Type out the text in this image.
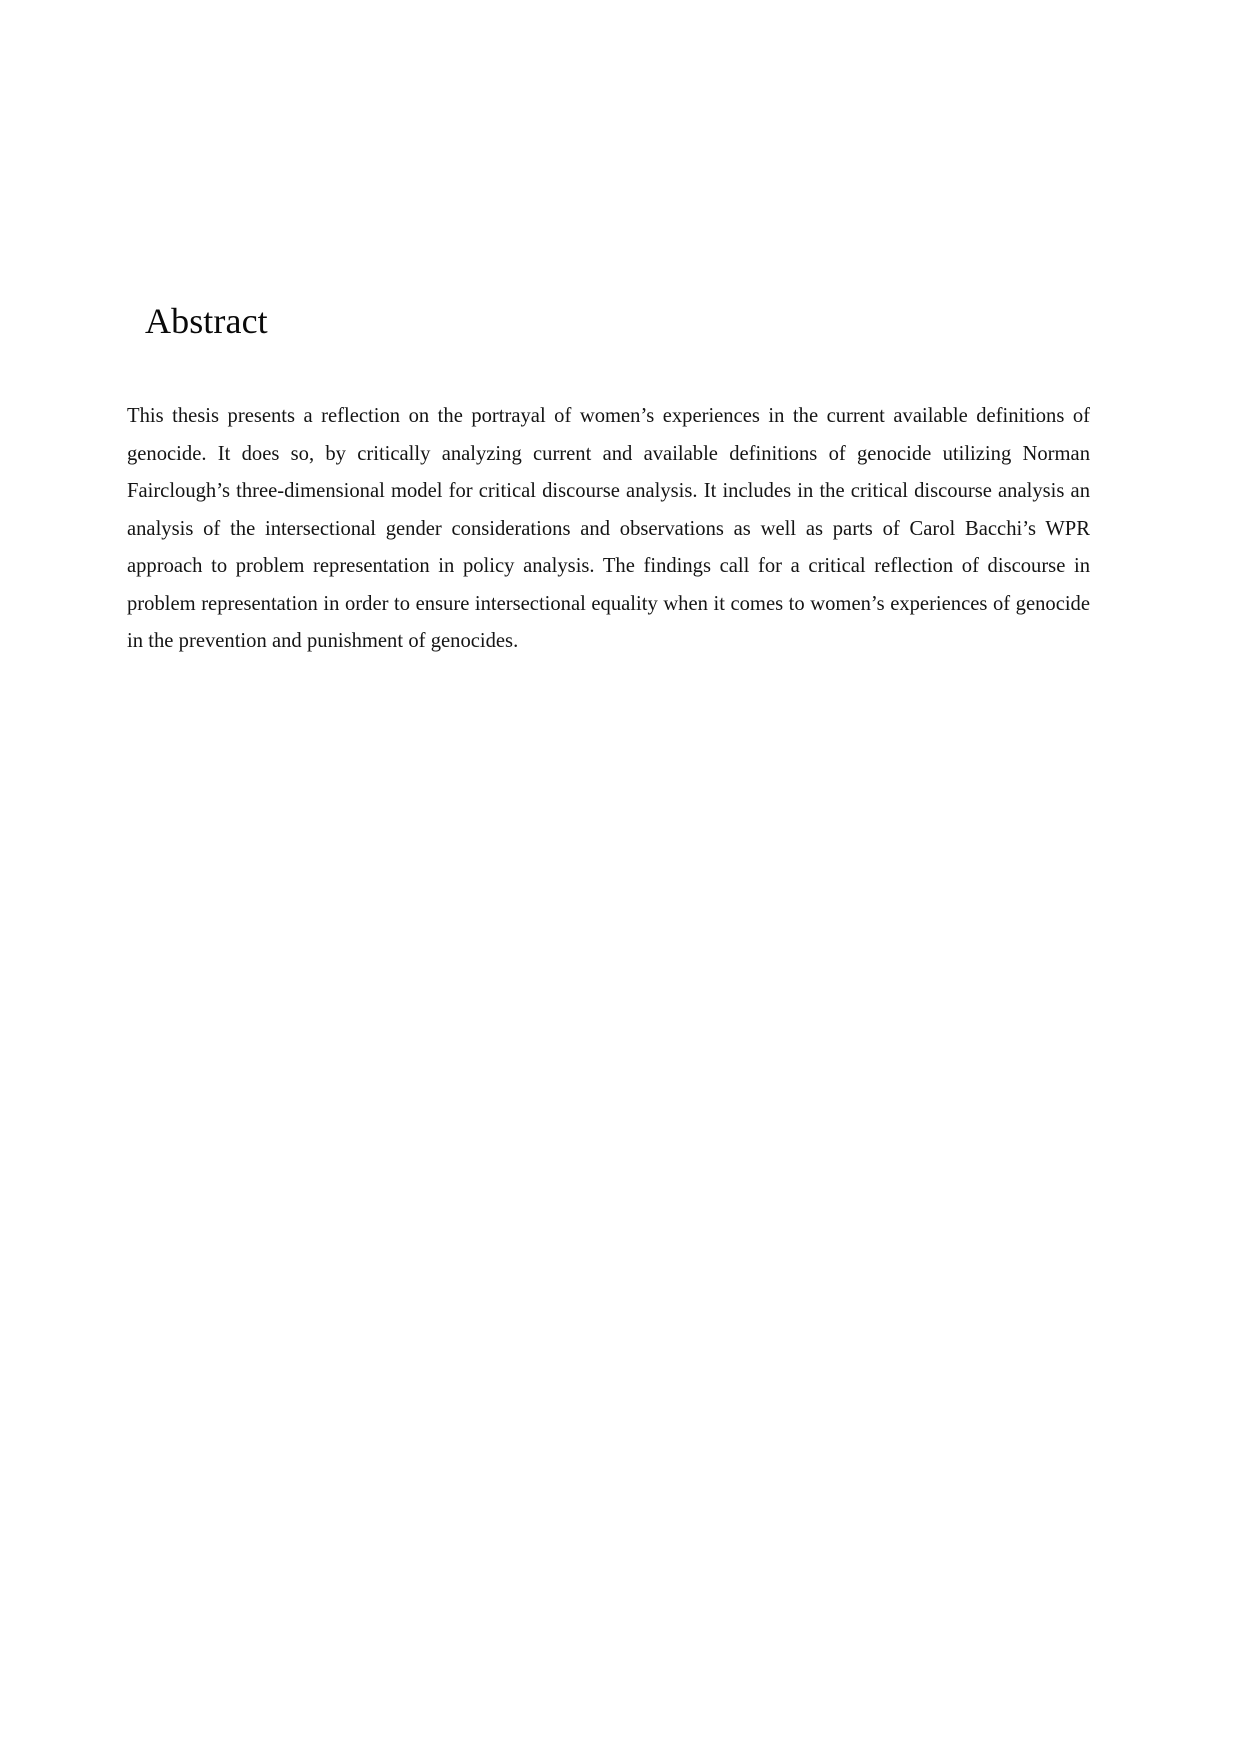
Abstract

This thesis presents a reflection on the portrayal of women’s experiences in the current available definitions of genocide. It does so, by critically analyzing current and available definitions of genocide utilizing Norman Fairclough’s three-dimensional model for critical discourse analysis. It includes in the critical discourse analysis an analysis of the intersectional gender considerations and observations as well as parts of Carol Bacchi’s WPR approach to problem representation in policy analysis. The findings call for a critical reflection of discourse in problem representation in order to ensure intersectional equality when it comes to women’s experiences of genocide in the prevention and punishment of genocides.
